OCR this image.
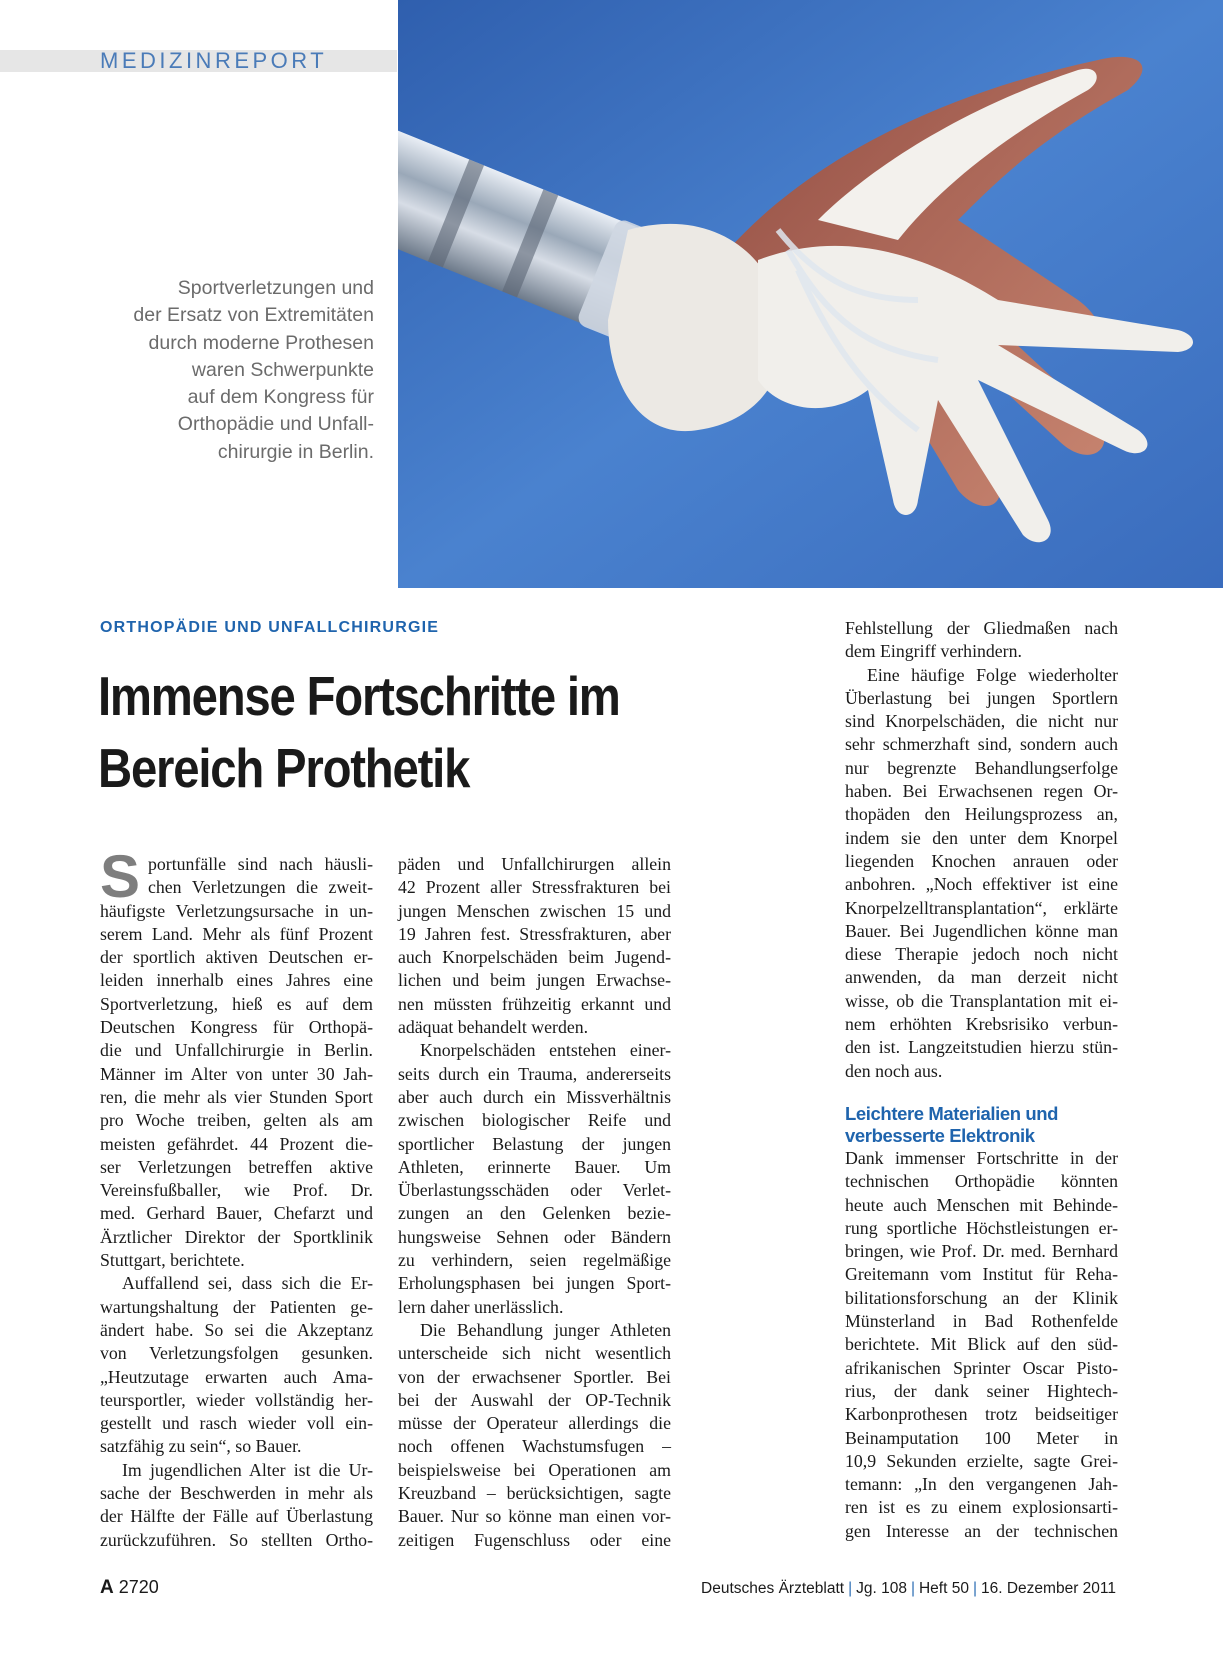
MEDIZINREPORT
Sportverletzungen und
der Ersatz von Extremitäten
durch moderne Prothesen
waren Schwerpunkte
auf dem Kongress für
Orthopädie und Unfall-
chirurgie in Berlin.
ORTHOPÄDIE UND UNFALLCHIRURGIE
Immense Fortschritte im
Bereich Prothetik
S portunfälle sind nach häusli-
chen Verletzungen die zweit-
häufigste Verletzungsursache in un-
serem Land. Mehr als fünf Prozent
der sportlich aktiven Deutschen er-
leiden innerhalb eines Jahres eine
Sportverletzung, hieß es auf dem
Deutschen Kongress für Orthopä-
die und Unfallchirurgie in Berlin.
Männer im Alter von unter 30 Jah-
ren, die mehr als vier Stunden Sport
pro Woche treiben, gelten als am
meisten gefährdet. 44 Prozent die-
ser Verletzungen betreffen aktive
Vereinsfußballer, wie Prof. Dr.
med. Gerhard Bauer, Chefarzt und
Ärztlicher Direktor der Sportklinik
Stuttgart, berichtete.
Auffallend sei, dass sich die Er-
wartungshaltung der Patienten ge-
ändert habe. So sei die Akzeptanz
von Verletzungsfolgen gesunken.
„Heutzutage erwarten auch Ama-
teursportler, wieder vollständig her-
gestellt und rasch wieder voll ein-
satzfähig zu sein“, so Bauer.
Im jugendlichen Alter ist die Ur-
sache der Beschwerden in mehr als
der Hälfte der Fälle auf Überlastung
zurückzuführen. So stellten Ortho-
päden und Unfallchirurgen allein
42 Prozent aller Stressfrakturen bei
jungen Menschen zwischen 15 und
19 Jahren fest. Stressfrakturen, aber
auch Knorpelschäden beim Jugend-
lichen und beim jungen Erwachse-
nen müssten frühzeitig erkannt und
adäquat behandelt werden.
Knorpelschäden entstehen einer-
seits durch ein Trauma, andererseits
aber auch durch ein Missverhältnis
zwischen biologischer Reife und
sportlicher Belastung der jungen
Athleten, erinnerte Bauer. Um
Überlastungsschäden oder Verlet-
zungen an den Gelenken bezie-
hungsweise Sehnen oder Bändern
zu verhindern, seien regelmäßige
Erholungsphasen bei jungen Sport-
lern daher unerlässlich.
Die Behandlung junger Athleten
unterscheide sich nicht wesentlich
von der erwachsener Sportler. Bei
bei der Auswahl der OP-Technik
müsse der Operateur allerdings die
noch offenen Wachstumsfugen –
beispielsweise bei Operationen am
Kreuzband – berücksichtigen, sagte
Bauer. Nur so könne man einen vor-
zeitigen Fugenschluss oder eine
Fehlstellung der Gliedmaßen nach
dem Eingriff verhindern.
Eine häufige Folge wiederholter
Überlastung bei jungen Sportlern
sind Knorpelschäden, die nicht nur
sehr schmerzhaft sind, sondern auch
nur begrenzte Behandlungserfolge
haben. Bei Erwachsenen regen Or-
thopäden den Heilungsprozess an,
indem sie den unter dem Knorpel
liegenden Knochen anrauen oder
anbohren. „Noch effektiver ist eine
Knorpelzelltransplantation“, erklärte
Bauer. Bei Jugendlichen könne man
diese Therapie jedoch noch nicht
anwenden, da man derzeit nicht
wisse, ob die Transplantation mit ei-
nem erhöhten Krebsrisiko verbun-
den ist. Langzeitstudien hierzu stün-
den noch aus.
Leichtere Materialien und
verbesserte Elektronik
Dank immenser Fortschritte in der
technischen Orthopädie könnten
heute auch Menschen mit Behinde-
rung sportliche Höchstleistungen er-
bringen, wie Prof. Dr. med. Bernhard
Greitemann vom Institut für Reha-
bilitationsforschung an der Klinik
Münsterland in Bad Rothenfelde
berichtete. Mit Blick auf den süd-
afrikanischen Sprinter Oscar Pisto-
rius, der dank seiner Hightech-
Karbonprothesen trotz beidseitiger
Beinamputation 100 Meter in
10,9 Sekunden erzielte, sagte Grei-
temann: „In den vergangenen Jah-
ren ist es zu einem explosionsarti-
gen Interesse an der technischen
A 2720	Deutsches Ärzteblatt | Jg. 108 | Heft 50 | 16. Dezember 2011
